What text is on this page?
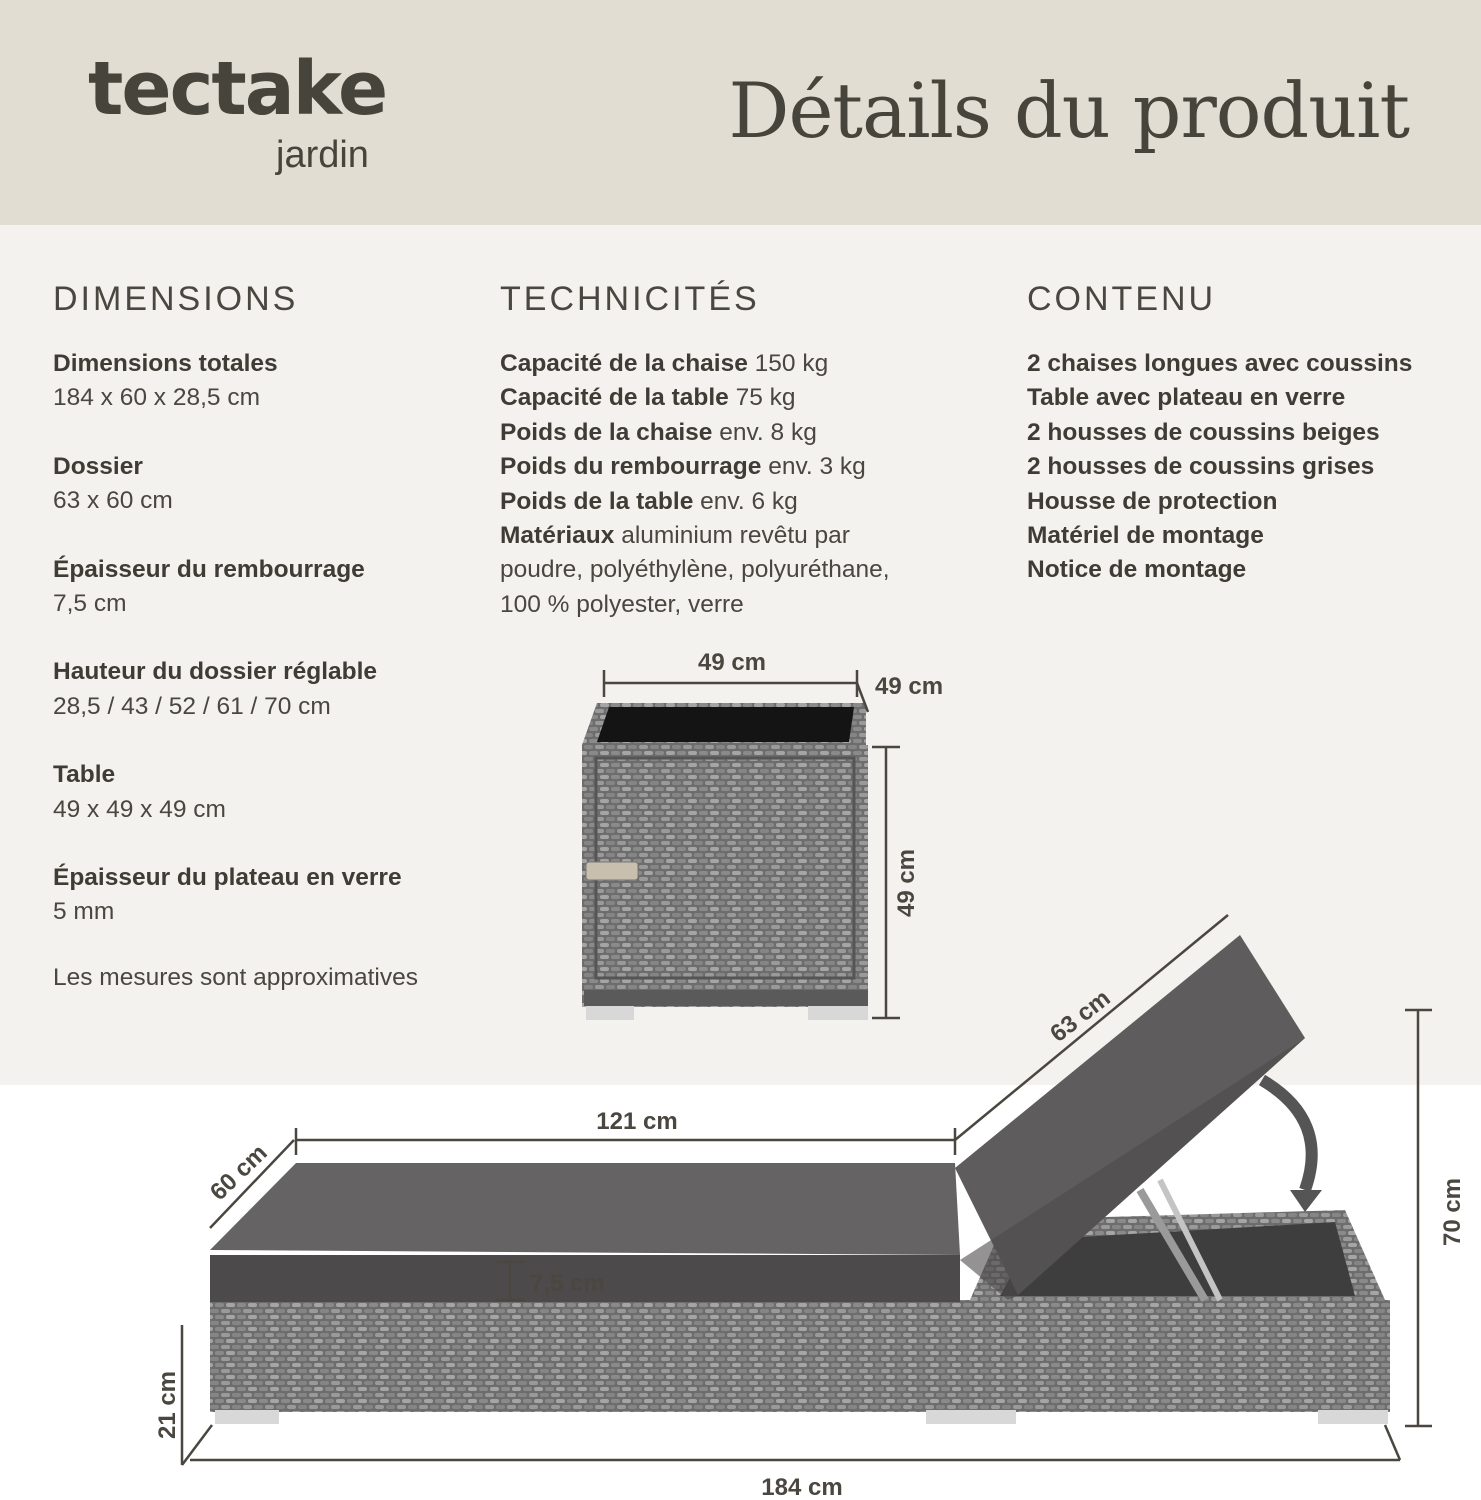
tectake
jardin	Détails du produit
DIMENSIONS
Dimensions totales
184 x 60 x 28,5 cm
Dossier
63 x 60 cm
Épaisseur du rembourrage
7,5 cm
Hauteur du dossier réglable
28,5 / 43 / 52 / 61 / 70 cm
Table
49 x 49 x 49 cm
Épaisseur du plateau en verre
5 mm
Les mesures sont approximatives
TECHNICITÉS
Capacité de la chaise 150 kg
Capacité de la table 75 kg
Poids de la chaise env. 8 kg
Poids du rembourrage env. 3 kg
Poids de la table env. 6 kg
Matériaux aluminium revêtu par
poudre, polyéthylène, polyuréthane,
100 % polyester, verre
CONTENU
2 chaises longues avec coussins
Table avec plateau en verre
2 housses de coussins beiges
2 housses de coussins grises
Housse de protection
Matériel de montage
Notice de montage
49 cm
49 cm
49 cm
121 cm
60 cm
63 cm
7,5 cm
70 cm
21 cm
184 cm
